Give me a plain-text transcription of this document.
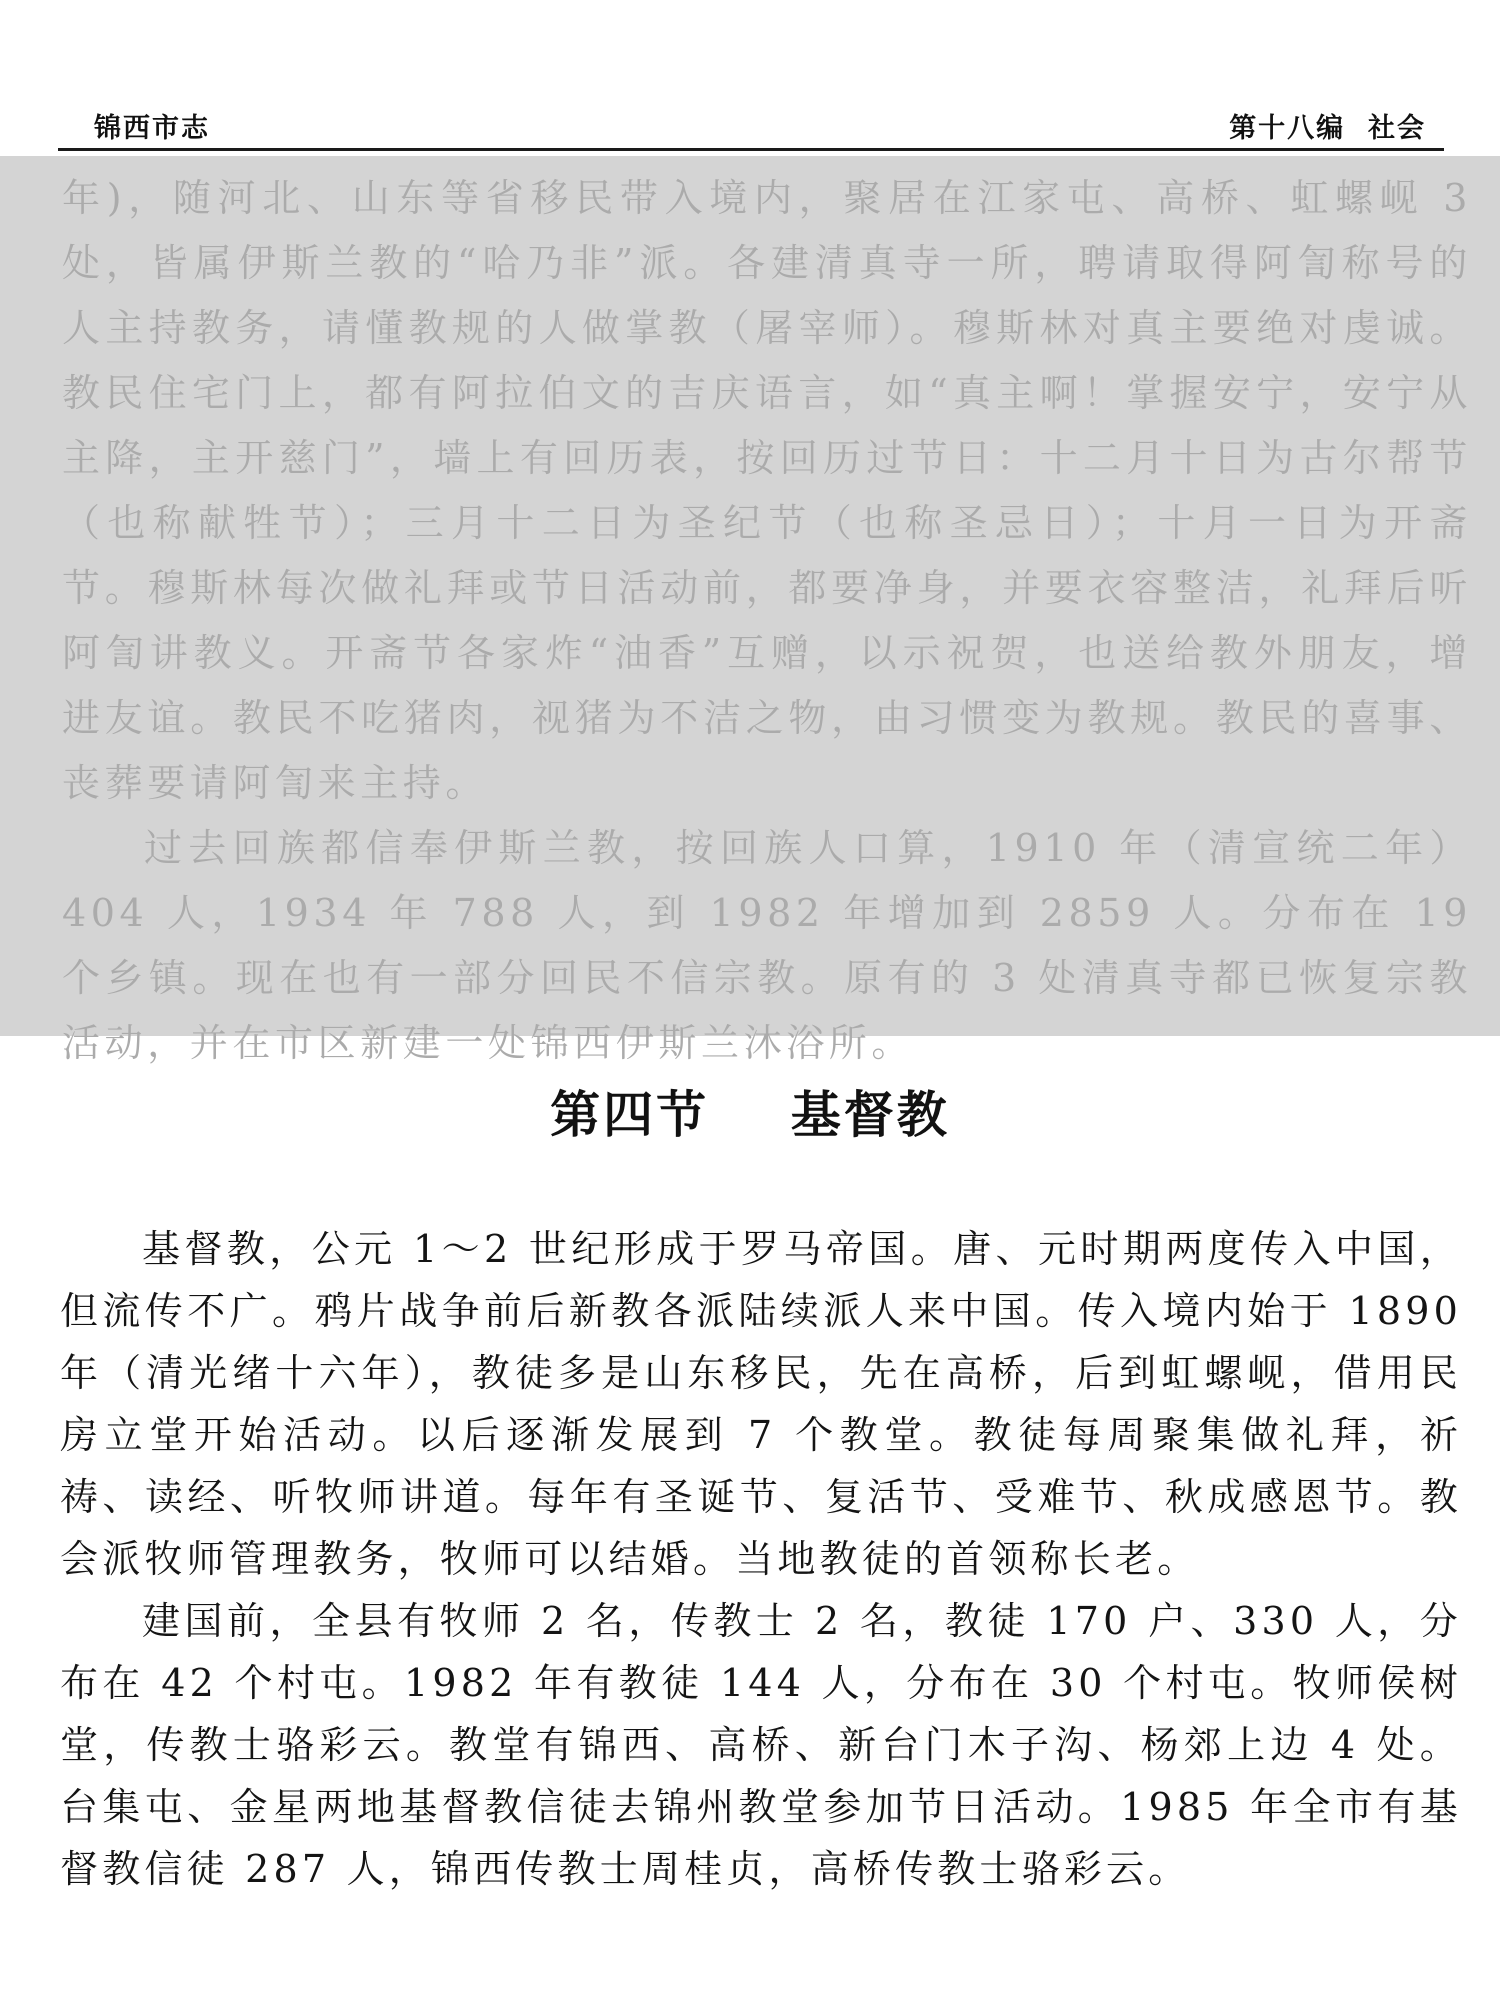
锦西市志	第十八编  社会

年)，随河北、山东等省移民带入境内，聚居在江家屯、高桥、虹螺岘 3 处，皆属伊斯兰教的“哈乃非”派。各建清真寺一所，聘请取得阿訇称号的人主持教务，请懂教规的人做掌教（屠宰师）。穆斯林对真主要绝对虔诚。教民住宅门上，都有阿拉伯文的吉庆语言，如“真主啊！掌握安宁，安宁从主降，主开慈门”，墙上有回历表，按回历过节日：十二月十日为古尔帮节（也称献牲节）；三月十二日为圣纪节（也称圣忌日）；十月一日为开斋节。穆斯林每次做礼拜或节日活动前，都要净身，并要衣容整洁，礼拜后听阿訇讲教义。开斋节各家炸“油香”互赠，以示祝贺，也送给教外朋友，增进友谊。教民不吃猪肉，视猪为不洁之物，由习惯变为教规。教民的喜事、丧葬要请阿訇来主持。

过去回族都信奉伊斯兰教，按回族人口算，1910 年（清宣统二年）404 人，1934 年 788 人，到 1982 年增加到 2859 人。分布在 19 个乡镇。现在也有一部分回民不信宗教。原有的 3 处清真寺都已恢复宗教活动，并在市区新建一处锦西伊斯兰沐浴所。

第四节    基督教

基督教，公元 1～2 世纪形成于罗马帝国。唐、元时期两度传入中国，但流传不广。鸦片战争前后新教各派陆续派人来中国。传入境内始于 1890 年（清光绪十六年），教徒多是山东移民，先在高桥，后到虹螺岘，借用民房立堂开始活动。以后逐渐发展到 7 个教堂。教徒每周聚集做礼拜，祈祷、读经、听牧师讲道。每年有圣诞节、复活节、受难节、秋成感恩节。教会派牧师管理教务，牧师可以结婚。当地教徒的首领称长老。

建国前，全县有牧师 2 名，传教士 2 名，教徒 170 户、330 人，分布在 42 个村屯。1982 年有教徒 144 人，分布在 30 个村屯。牧师侯树堂，传教士骆彩云。教堂有锦西、高桥、新台门木子沟、杨郊上边 4 处。台集屯、金星两地基督教信徒去锦州教堂参加节日活动。1985 年全市有基督教信徒 287 人，锦西传教士周桂贞，高桥传教士骆彩云。
